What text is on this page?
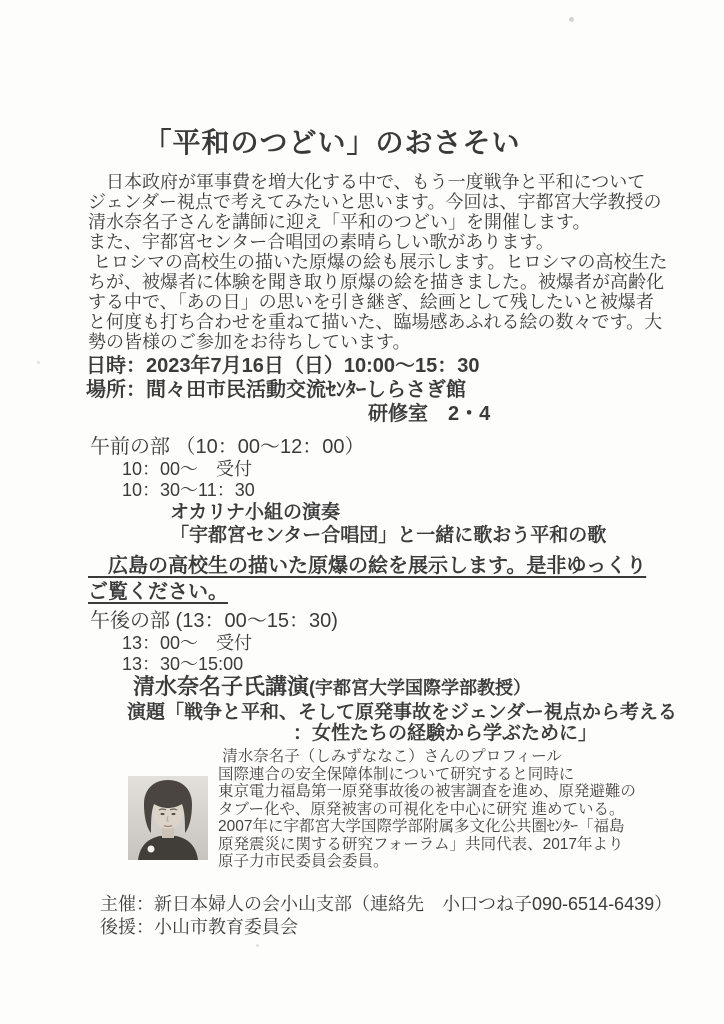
「平和のつどい」のおさそい
　日本政府が軍事費を増大化する中で、もう一度戦争と平和について
ジェンダー視点で考えてみたいと思います。今回は、宇都宮大学教授の
清水奈名子さんを講師に迎え「平和のつどい」を開催します。
また、宇都宮センター合唱団の素晴らしい歌があります。
ヒロシマの高校生の描いた原爆の絵も展示します。ヒロシマの高校生た
ちが、被爆者に体験を聞き取り原爆の絵を描きました。被爆者が高齢化
する中で、「あの日」の思いを引き継ぎ、絵画として残したいと被爆者
と何度も打ち合わせを重ねて描いた、臨場感あふれる絵の数々です。大
勢の皆様のご参加をお待ちしています。
日時：2023年7月16日（日）10:00～15：30
場所：間々田市民活動交流ｾﾝﾀｰしらさぎ館
研修室　2・4
午前の部 （10：00～12：00）
10：00～　受付
10：30～11：30
オカリナ小組の演奏
「宇都宮センター合唱団」と一緒に歌おう平和の歌
　広島の高校生の描いた原爆の絵を展示します。是非ゆっくり
ご覧ください。
午後の部 (13：00～15：30)
13：00～　受付
13：30～15:00
清水奈名子氏講演(宇都宮大学国際学部教授）
演題「戦争と平和、そして原発事故をジェンダー視点から考える
：女性たちの経験から学ぶために」
清水奈名子（しみずななこ）さんのプロフィール
国際連合の安全保障体制について研究すると同時に
東京電力福島第一原発事故後の被害調査を進め、原発避難の
タブー化や、原発被害の可視化を中心に研究 進めている。
2007年に宇都宮大学国際学部附属多文化公共圏ｾﾝﾀｰ「福島
原発震災に関する研究フォーラム」共同代表、2017年より
原子力市民委員会委員。
主催：新日本婦人の会小山支部（連絡先　小口つね子090-6514-6439）
後援：小山市教育委員会
